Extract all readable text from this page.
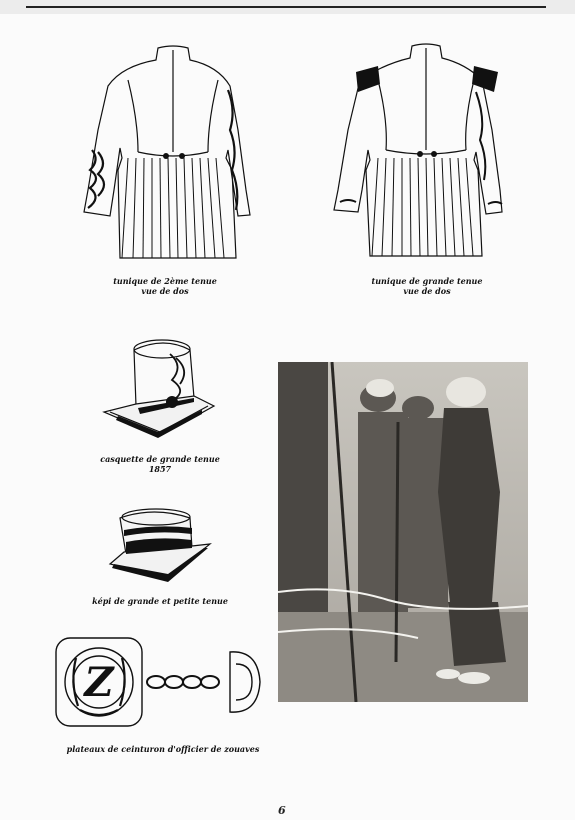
tunique de 2ème tenue
vue de dos
tunique de grande tenue
vue de dos
casquette de grande tenue
1857
képi de grande et petite tenue
Z
plateaux de ceinturon d'officier de zouaves
6
